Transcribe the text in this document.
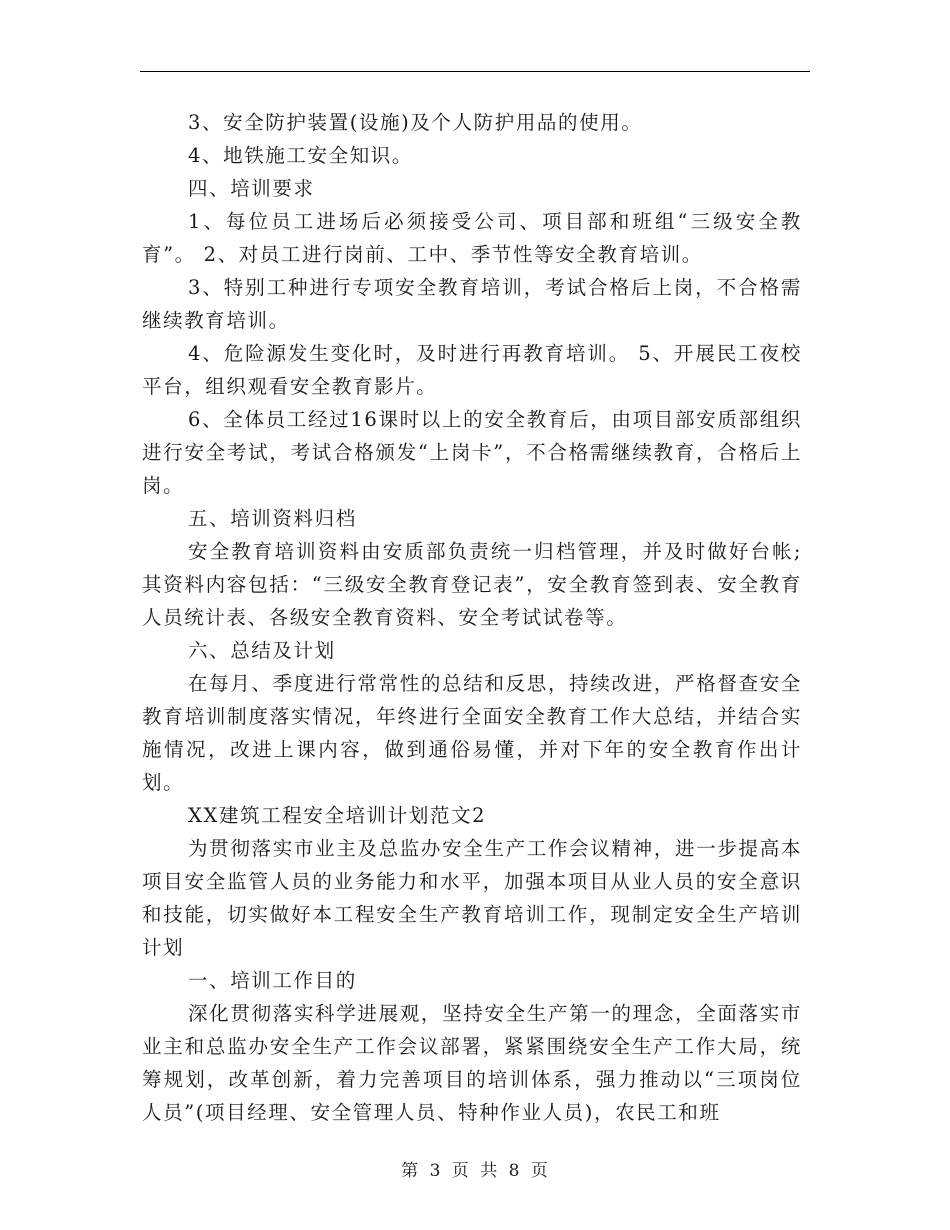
3、安全防护装置(设施)及个人防护用品的使用。

4、地铁施工安全知识。

四、培训要求

1、每位员工进场后必须接受公司、项目部和班组“三级安全教育”。 2、对员工进行岗前、工中、季节性等安全教育培训。

3、特别工种进行专项安全教育培训，考试合格后上岗，不合格需继续教育培训。

4、危险源发生变化时，及时进行再教育培训。 5、开展民工夜校平台，组织观看安全教育影片。

6、全体员工经过16课时以上的安全教育后，由项目部安质部组织进行安全考试，考试合格颁发“上岗卡”，不合格需继续教育，合格后上岗。

五、培训资料归档

安全教育培训资料由安质部负责统一归档管理，并及时做好台帐;其资料内容包括：“三级安全教育登记表”，安全教育签到表、安全教育人员统计表、各级安全教育资料、安全考试试卷等。

六、总结及计划

在每月、季度进行常常性的总结和反思，持续改进，严格督查安全教育培训制度落实情况，年终进行全面安全教育工作大总结，并结合实施情况，改进上课内容，做到通俗易懂，并对下年的安全教育作出计划。

XX建筑工程安全培训计划范文2

为贯彻落实市业主及总监办安全生产工作会议精神，进一步提高本项目安全监管人员的业务能力和水平，加强本项目从业人员的安全意识和技能，切实做好本工程安全生产教育培训工作，现制定安全生产培训计划

一、培训工作目的

深化贯彻落实科学进展观，坚持安全生产第一的理念，全面落实市业主和总监办安全生产工作会议部署，紧紧围绕安全生产工作大局，统筹规划，改革创新，着力完善项目的培训体系，强力推动以“三项岗位人员”(项目经理、安全管理人员、特种作业人员)，农民工和班

第 3 页 共 8 页
